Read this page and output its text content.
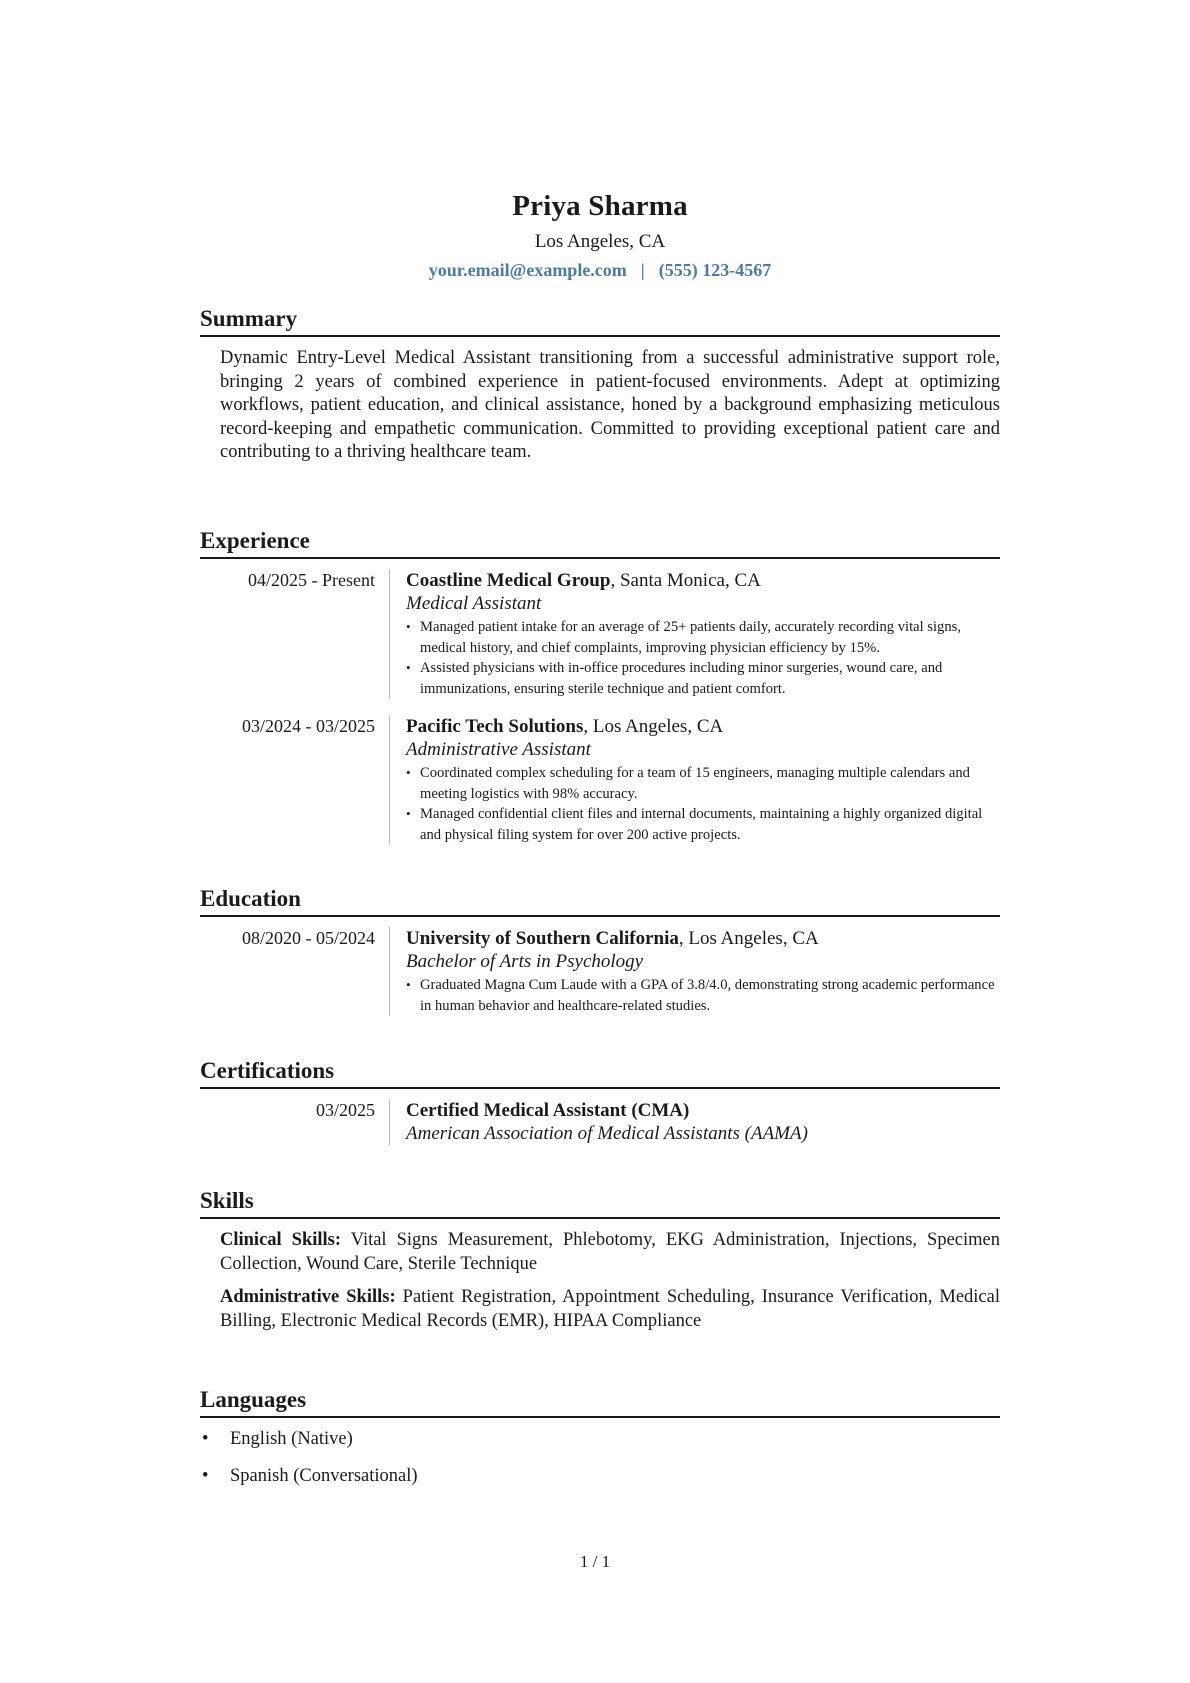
Priya Sharma
Los Angeles, CA
your.email@example.com | (555) 123-4567
Summary
Dynamic Entry-Level Medical Assistant transitioning from a successful administrative support role, bringing 2 years of combined experience in patient-focused environments. Adept at optimizing workflows, patient education, and clinical assistance, honed by a background emphasizing meticulous record-keeping and empathetic communication. Committed to providing exceptional patient care and contributing to a thriving healthcare team.
Experience
04/2025 - Present	Coastline Medical Group, Santa Monica, CA
Medical Assistant
• Managed patient intake for an average of 25+ patients daily, accurately recording vital signs, medical history, and chief complaints, improving physician efficiency by 15%.
• Assisted physicians with in-office procedures including minor surgeries, wound care, and immunizations, ensuring sterile technique and patient comfort.
03/2024 - 03/2025	Pacific Tech Solutions, Los Angeles, CA
Administrative Assistant
• Coordinated complex scheduling for a team of 15 engineers, managing multiple calendars and meeting logistics with 98% accuracy.
• Managed confidential client files and internal documents, maintaining a highly organized digital and physical filing system for over 200 active projects.
Education
08/2020 - 05/2024	University of Southern California, Los Angeles, CA
Bachelor of Arts in Psychology
• Graduated Magna Cum Laude with a GPA of 3.8/4.0, demonstrating strong academic performance in human behavior and healthcare-related studies.
Certifications
03/2025	Certified Medical Assistant (CMA)
American Association of Medical Assistants (AAMA)
Skills
Clinical Skills: Vital Signs Measurement, Phlebotomy, EKG Administration, Injections, Specimen Collection, Wound Care, Sterile Technique
Administrative Skills: Patient Registration, Appointment Scheduling, Insurance Verification, Medical Billing, Electronic Medical Records (EMR), HIPAA Compliance
Languages
• English (Native)
• Spanish (Conversational)
1 / 1
